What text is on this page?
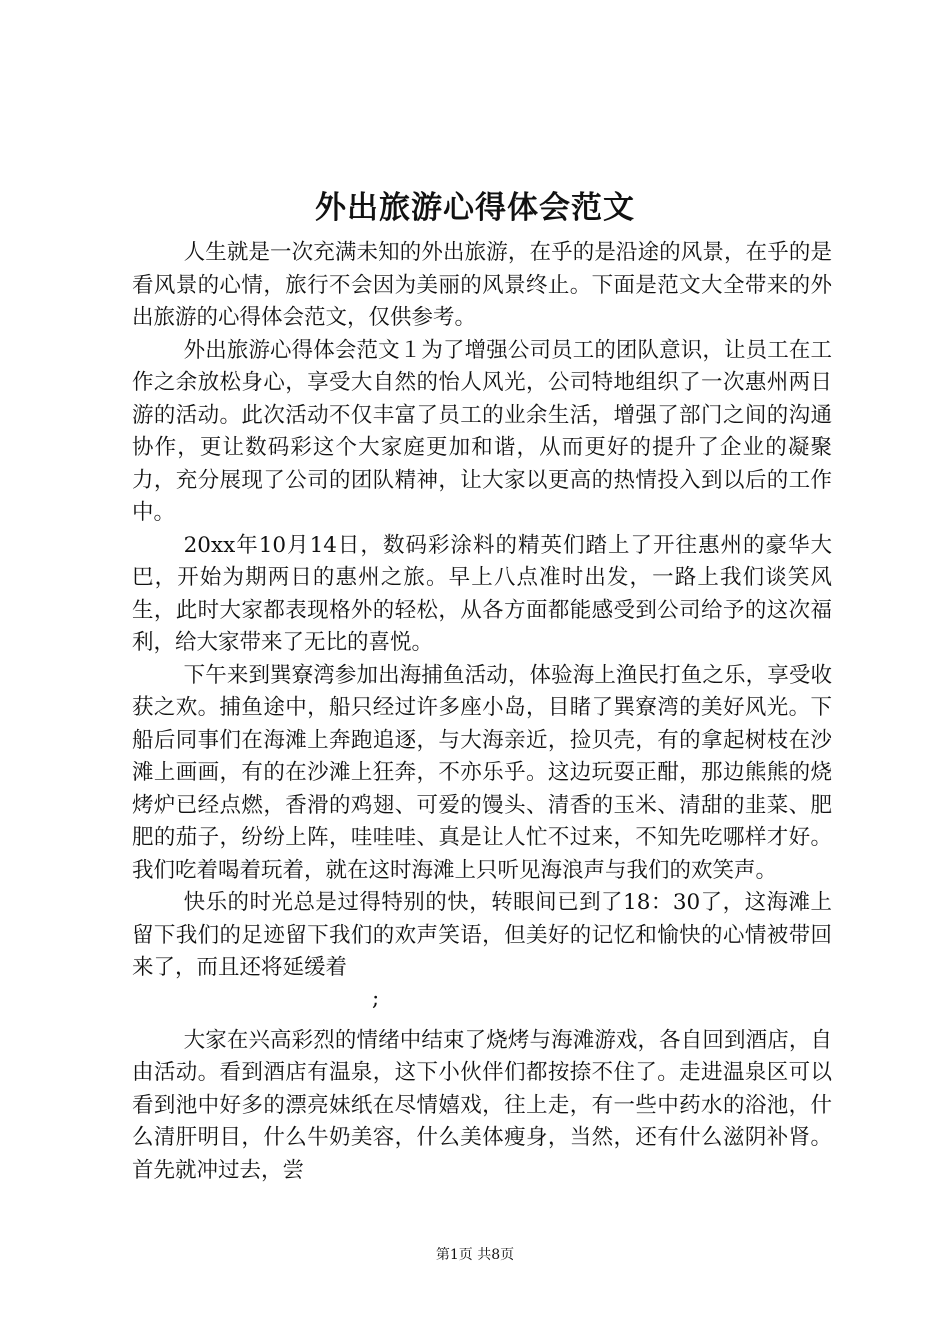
外出旅游心得体会范文

人生就是一次充满未知的外出旅游，在乎的是沿途的风景，在乎的是看风景的心情，旅行不会因为美丽的风景终止。下面是范文大全带来的外出旅游的心得体会范文，仅供参考。

外出旅游心得体会范文１为了增强公司员工的团队意识，让员工在工作之余放松身心，享受大自然的怡人风光，公司特地组织了一次惠州两日游的活动。此次活动不仅丰富了员工的业余生活，增强了部门之间的沟通协作，更让数码彩这个大家庭更加和谐，从而更好的提升了企业的凝聚力，充分展现了公司的团队精神，让大家以更高的热情投入到以后的工作中。

20xx年10月14日，数码彩涂料的精英们踏上了开往惠州的豪华大巴，开始为期两日的惠州之旅。早上八点准时出发，一路上我们谈笑风生，此时大家都表现格外的轻松，从各方面都能感受到公司给予的这次福利，给大家带来了无比的喜悦。

下午来到巽寮湾参加出海捕鱼活动，体验海上渔民打鱼之乐，享受收获之欢。捕鱼途中，船只经过许多座小岛，目睹了巽寮湾的美好风光。下船后同事们在海滩上奔跑追逐，与大海亲近，捡贝壳，有的拿起树枝在沙滩上画画，有的在沙滩上狂奔，不亦乐乎。这边玩耍正酣，那边熊熊的烧烤炉已经点燃，香滑的鸡翅、可爱的馒头、清香的玉米、清甜的韭菜、肥肥的茄子，纷纷上阵，哇哇哇、真是让人忙不过来，不知先吃哪样才好。我们吃着喝着玩着，就在这时海滩上只听见海浪声与我们的欢笑声。

快乐的时光总是过得特别的快，转眼间已到了18：30了，这海滩上留下我们的足迹留下我们的欢声笑语，但美好的记忆和愉快的心情被带回来了，而且还将延缓着

;

大家在兴高彩烈的情绪中结束了烧烤与海滩游戏，各自回到酒店，自由活动。看到酒店有温泉，这下小伙伴们都按捺不住了。走进温泉区可以看到池中好多的漂亮妹纸在尽情嬉戏，往上走，有一些中药水的浴池，什么清肝明目，什么牛奶美容，什么美体瘦身，当然，还有什么滋阴补肾。首先就冲过去，尝

第1页 共8页
